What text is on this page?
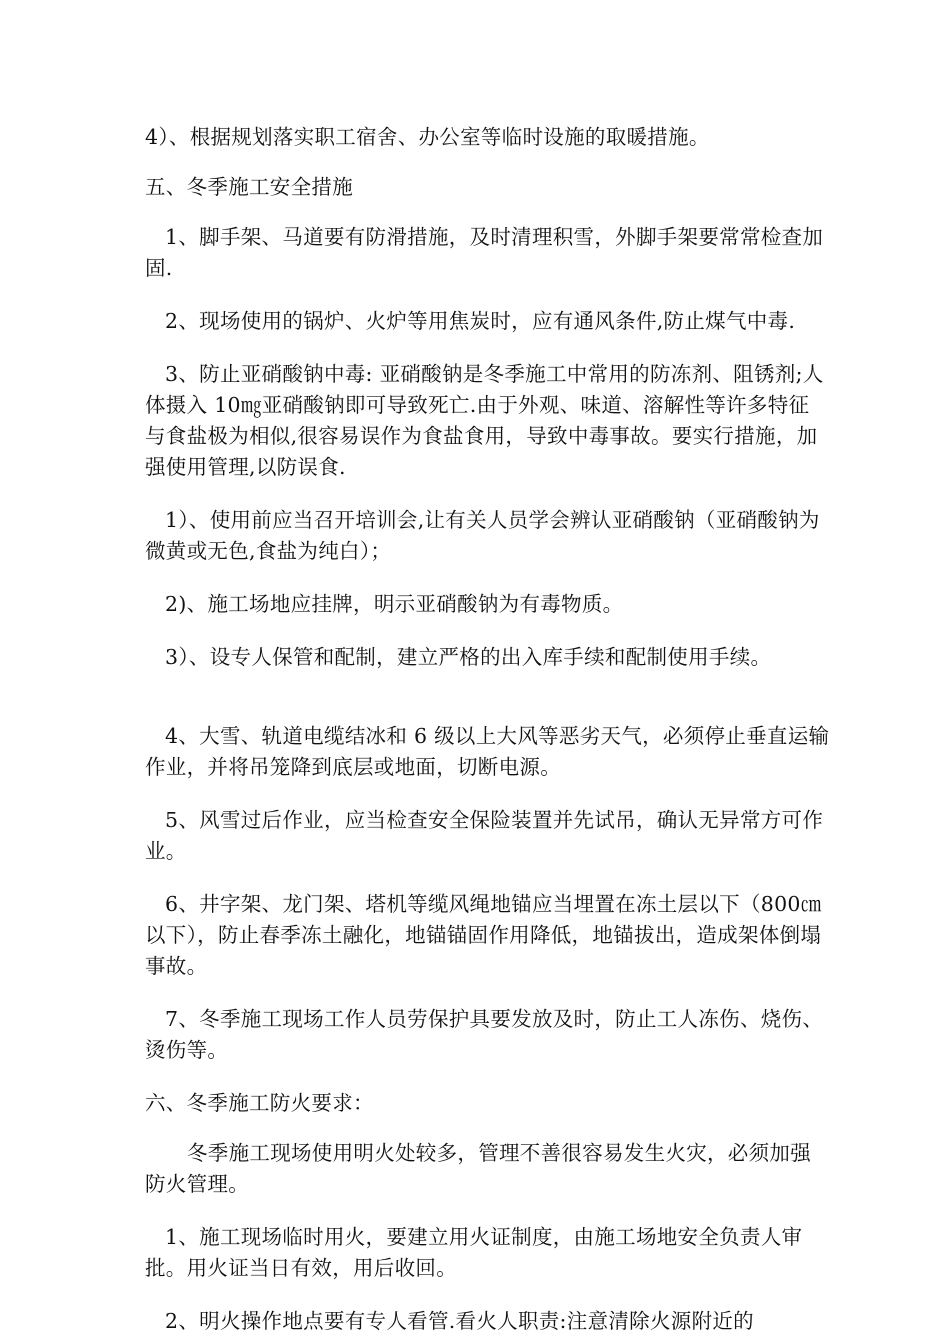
4）、根据规划落实职工宿舍、办公室等临时设施的取暖措施。

五、冬季施工安全措施

1、脚手架、马道要有防滑措施，及时清理积雪，外脚手架要常常检查加固.

2、现场使用的锅炉、火炉等用焦炭时，应有通风条件,防止煤气中毒.

3、防止亚硝酸钠中毒: 亚硝酸钠是冬季施工中常用的防冻剂、阻锈剂;人体摄入 10㎎亚硝酸钠即可导致死亡.由于外观、味道、溶解性等许多特征与食盐极为相似,很容易误作为食盐食用，导致中毒事故。要实行措施，加强使用管理,以防误食.

1）、使用前应当召开培训会,让有关人员学会辨认亚硝酸钠（亚硝酸钠为微黄或无色,食盐为纯白）；

2)、施工场地应挂牌，明示亚硝酸钠为有毒物质。

3）、设专人保管和配制，建立严格的出入库手续和配制使用手续。

4、大雪、轨道电缆结冰和 6 级以上大风等恶劣天气，必须停止垂直运输作业，并将吊笼降到底层或地面，切断电源。

5、风雪过后作业，应当检查安全保险装置并先试吊，确认无异常方可作业。

6、井字架、龙门架、塔机等缆风绳地锚应当埋置在冻土层以下（800㎝以下），防止春季冻土融化，地锚锚固作用降低，地锚拔出，造成架体倒塌事故。

7、冬季施工现场工作人员劳保护具要发放及时，防止工人冻伤、烧伤、烫伤等。

六、冬季施工防火要求：

冬季施工现场使用明火处较多，管理不善很容易发生火灾，必须加强防火管理。

1、施工现场临时用火，要建立用火证制度，由施工场地安全负责人审批。用火证当日有效，用后收回。

2、明火操作地点要有专人看管.看火人职责:注意清除火源附近的
